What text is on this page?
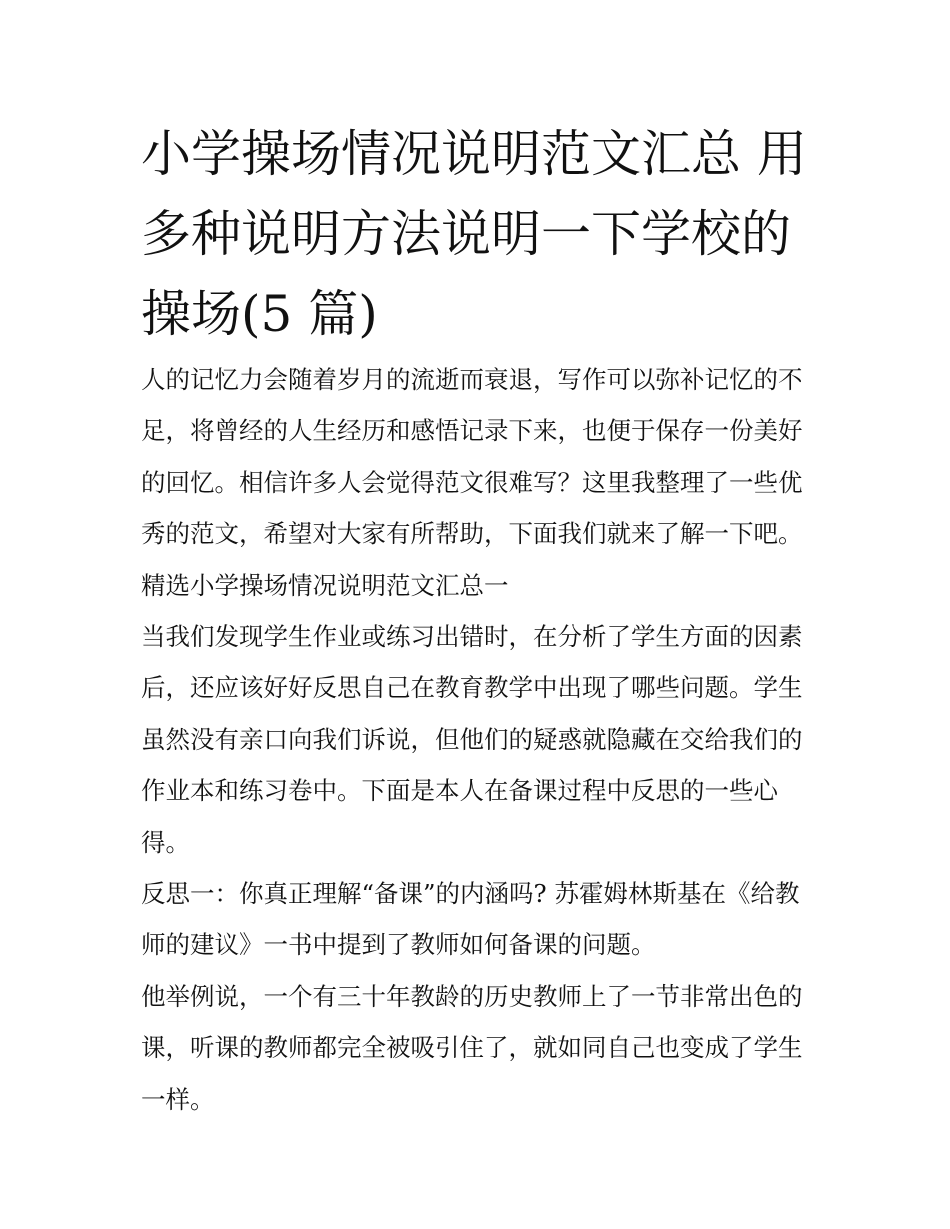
小学操场情况说明范文汇总 用
多种说明方法说明一下学校的
操场(5 篇)
人的记忆力会随着岁月的流逝而衰退，写作可以弥补记忆的不
足，将曾经的人生经历和感悟记录下来，也便于保存一份美好
的回忆。相信许多人会觉得范文很难写？这里我整理了一些优
秀的范文，希望对大家有所帮助，下面我们就来了解一下吧。
精选小学操场情况说明范文汇总一
当我们发现学生作业或练习出错时，在分析了学生方面的因素
后，还应该好好反思自己在教育教学中出现了哪些问题。学生
虽然没有亲口向我们诉说，但他们的疑惑就隐藏在交给我们的
作业本和练习卷中。下面是本人在备课过程中反思的一些心
得。
反思一：你真正理解“备课”的内涵吗? 苏霍姆林斯基在《给教
师的建议》一书中提到了教师如何备课的问题。
他举例说，一个有三十年教龄的历史教师上了一节非常出色的
课，听课的教师都完全被吸引住了，就如同自己也变成了学生
一样。
